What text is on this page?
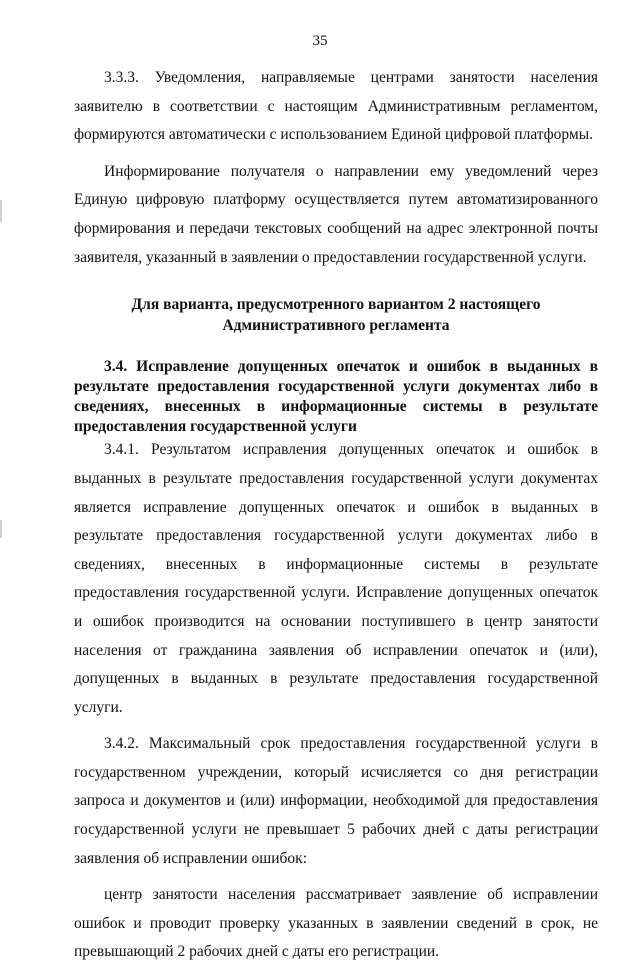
35

3.3.3. Уведомления, направляемые центрами занятости населения заявителю в соответствии с настоящим Административным регламентом, формируются автоматически с использованием Единой цифровой платформы.

Информирование получателя о направлении ему уведомлений через Единую цифровую платформу осуществляется путем автоматизированного формирования и передачи текстовых сообщений на адрес электронной почты заявителя, указанный в заявлении о предоставлении государственной услуги.

Для варианта, предусмотренного вариантом 2 настоящего
Административного регламента

3.4. Исправление допущенных опечаток и ошибок в выданных в результате предоставления государственной услуги документах либо в сведениях, внесенных в информационные системы в результате предоставления государственной услуги

3.4.1. Результатом исправления допущенных опечаток и ошибок в выданных в результате предоставления государственной услуги документах является исправление допущенных опечаток и ошибок в выданных в результате предоставления государственной услуги документах либо в сведениях, внесенных в информационные системы в результате предоставления государственной услуги. Исправление допущенных опечаток и ошибок производится на основании поступившего в центр занятости населения от гражданина заявления об исправлении опечаток и (или), допущенных в выданных в результате предоставления государственной услуги.

3.4.2. Максимальный срок предоставления государственной услуги в государственном учреждении, который исчисляется со дня регистрации запроса и документов и (или) информации, необходимой для предоставления государственной услуги не превышает 5 рабочих дней с даты регистрации заявления об исправлении ошибок:

центр занятости населения рассматривает заявление об исправлении ошибок и проводит проверку указанных в заявлении сведений в срок, не превышающий 2 рабочих дней с даты его регистрации.
